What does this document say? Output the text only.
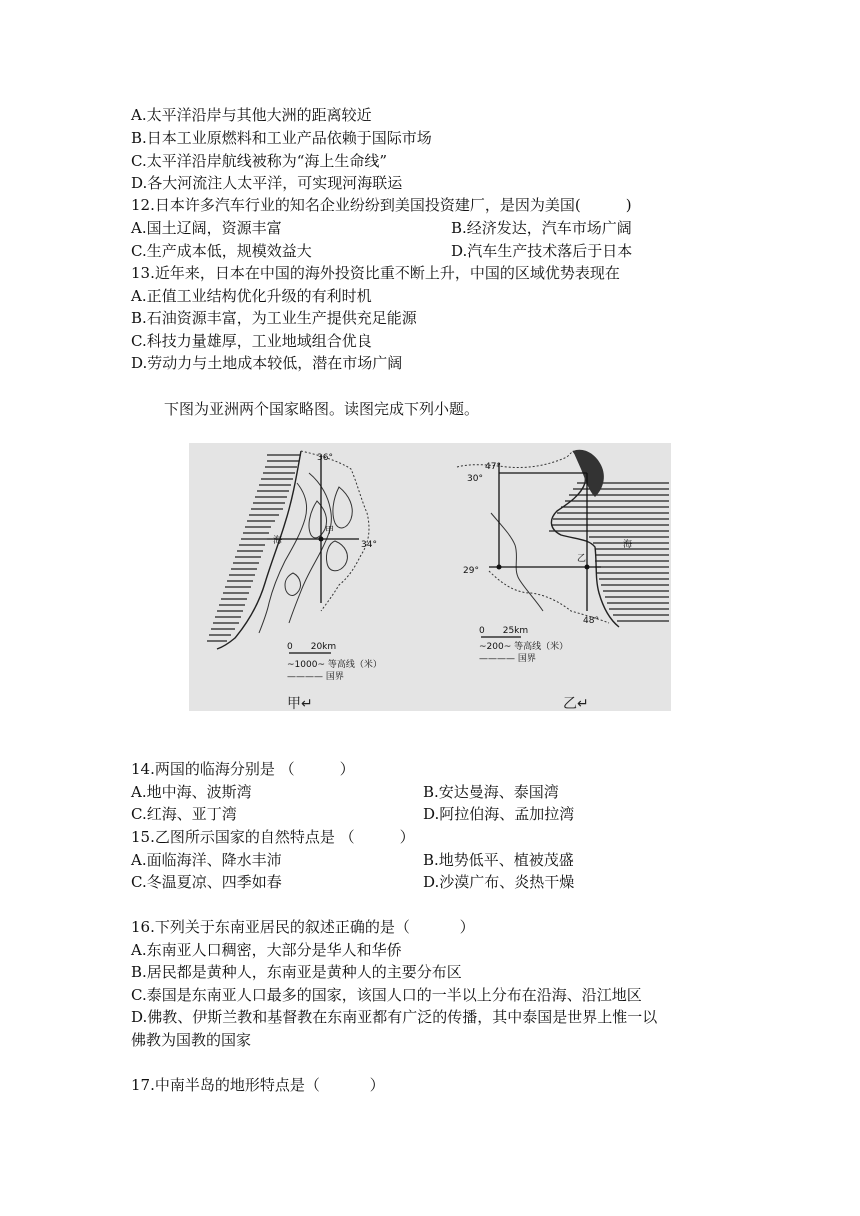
A.太平洋沿岸与其他大洲的距离较近
B.日本工业原燃料和工业产品依赖于国际市场
C.太平洋沿岸航线被称为“海上生命线”
D.各大河流注人太平洋，可实现河海联运
12.日本许多汽车行业的知名企业纷纷到美国投资建厂，是因为美国(　　　)
A.国土辽阔，资源丰富	B.经济发达，汽车市场广阔
C.生产成本低，规模效益大	D.汽车生产技术落后于日本
13.近年来，日本在中国的海外投资比重不断上升，中国的区域优势表现在
A.正值工业结构优化升级的有利时机
B.石油资源丰富，为工业生产提供充足能源
C.科技力量雄厚，工业地域组合优良
D.劳动力与土地成本较低，潜在市场广阔
下图为亚洲两个国家略图。读图完成下列小题。
36°
34°
海
甲
0　　20km
~1000~ 等高线（米）
———— 国界
47°
30°
29°
48°
海
乙
0　　25km
~200~ 等高线（米）
———— 国界
甲↵	乙↵
14.两国的临海分别是 （　　　）
A.地中海、波斯湾	B.安达曼海、泰国湾
C.红海、亚丁湾	D.阿拉伯海、孟加拉湾
15.乙图所示国家的自然特点是 （　　　）
A.面临海洋、降水丰沛	B.地势低平、植被茂盛
C.冬温夏凉、四季如春	D.沙漠广布、炎热干燥
16.下列关于东南亚居民的叙述正确的是（　　　 ）
A.东南亚人口稠密，大部分是华人和华侨
B.居民都是黄种人，东南亚是黄种人的主要分布区
C.泰国是东南亚人口最多的国家，该国人口的一半以上分布在沿海、沿江地区
D.佛教、伊斯兰教和基督教在东南亚都有广泛的传播，其中泰国是世界上惟一以
佛教为国教的国家
17.中南半岛的地形特点是（　　　 ）
